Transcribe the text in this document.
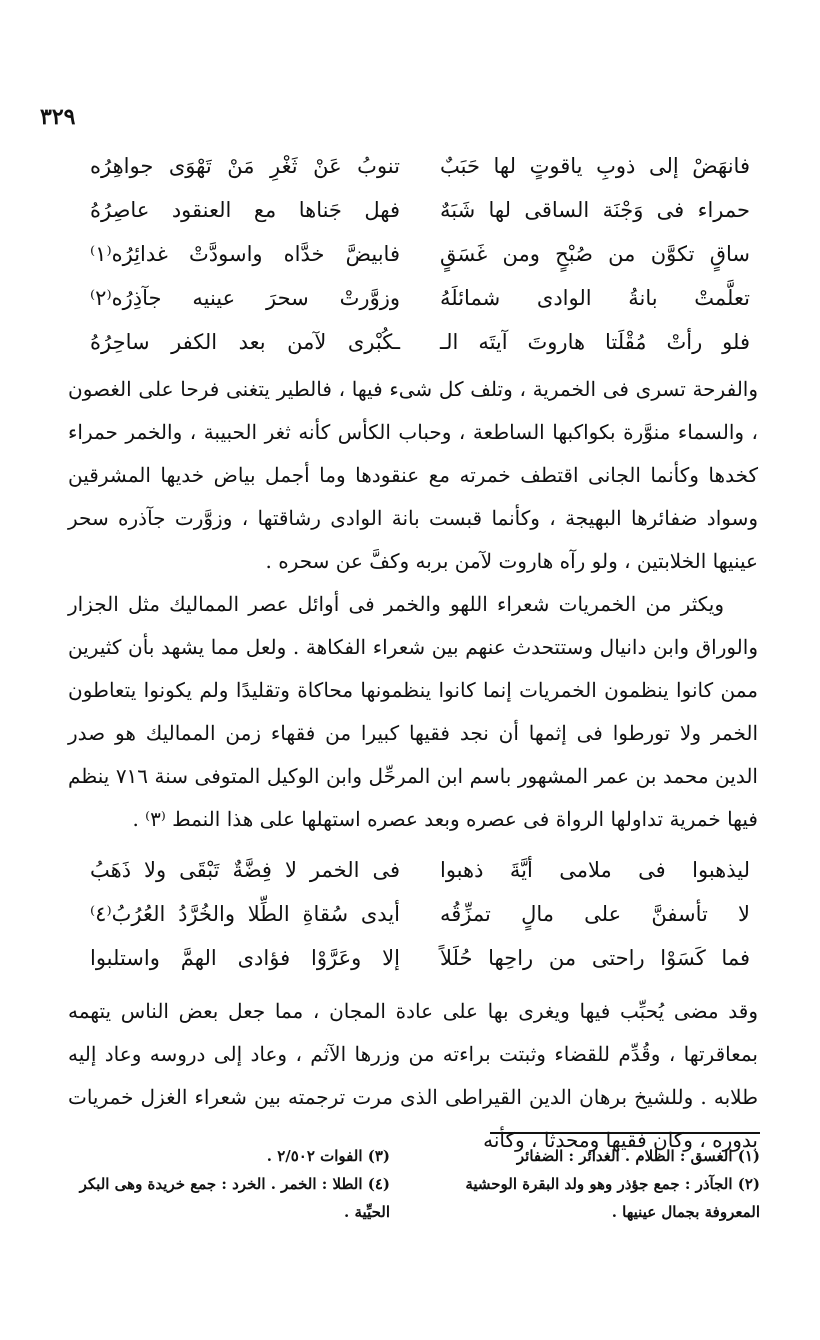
٣٢٩
فانهَضْ إلى ذوبِ ياقوتٍ لها حَبَبٌ
تنوبُ عَنْ ثَغْرِ مَنْ تَهْوَى جواهِرُه
حمراء فى وَجْنَة الساقى لها شَبَهٌ
فهل جَناها مع العنقود عاصِرُهُ
ساقٍ تكوَّن من صُبْحٍ ومن غَسَقٍ
فابيضَّ خدَّاه واسودَّتْ غدائِرُه⁽١⁾
تعلَّمتْ بانةُ الوادى شمائلَهُ
وزوَّرتْ سحرَ عينيه جآذِرُه⁽٢⁾
فلو رأتْ مُقْلَتا هاروتَ آيتَه الـ
ـكُبْرى لآمن بعد الكفر ساحِرُهُ

والفرحة تسرى فى الخمرية ، وتلف كل شىء فيها ، فالطير يتغنى فرحا على الغصون ، والسماء منوَّرة بكواكبها الساطعة ، وحباب الكأس كأنه ثغر الحبيبة ، والخمر حمراء كخدها وكأنما الجانى اقتطف خمرته مع عنقودها وما أجمل بياض خديها المشرقين وسواد ضفائرها البهيجة ، وكأنما قبست بانة الوادى رشاقتها ، وزوَّرت جآذره سحر عينيها الخلابتين ، ولو رآه هاروت لآمن بربه وكفَّ عن سحره .

ويكثر من الخمريات شعراء اللهو والخمر فى أوائل عصر المماليك مثل الجزار والوراق وابن دانيال وستتحدث عنهم بين شعراء الفكاهة . ولعل مما يشهد بأن كثيرين ممن كانوا ينظمون الخمريات إنما كانوا ينظمونها محاكاة وتقليدًا ولم يكونوا يتعاطون الخمر ولا تورطوا فى إثمها أن نجد فقيها كبيرا من فقهاء زمن المماليك هو صدر الدين محمد بن عمر المشهور باسم ابن المرحِّل وابن الوكيل المتوفى سنة ٧١٦ ينظم فيها خمرية تداولها الرواة فى عصره وبعد عصره استهلها على هذا النمط ⁽٣⁾ .

ليذهبوا فى ملامى أيَّةَ ذهبوا
فى الخمر لا فِضَّةٌ تَبْقَى ولا ذَهَبُ
لا تأسفنَّ على مالٍ تمزِّقُه
أيدى سُقاةِ الطِّلا والخُرَّدُ العُرُبُ⁽٤⁾
فما كَسَوْا راحتى من راحِها حُلَلاً
إلا وعَرَّوْا فؤادى الهمَّ واستلبوا

وقد مضى يُحبِّب فيها ويغرى بها على عادة المجان ، مما جعل بعض الناس يتهمه بمعاقرتها ، وقُدِّم للقضاء وثبتت براءته من وزرها الآثم ، وعاد إلى دروسه وعاد إليه طلابه . وللشيخ برهان الدين القيراطى الذى مرت ترجمته بين شعراء الغزل خمريات بدوره ، وكان فقيها ومحدثا ، وكأنه

(١) الغسق : الظلام . الغدائر : الضفائر

(٢) الجآذر : جمع جؤذر وهو ولد البقرة الوحشية المعروفة بجمال عينيها .

(٣) الفوات ٢/٥٠٢ .

(٤) الطلا : الخمر . الخرد : جمع خريدة وهى البكر الحيِّية .
